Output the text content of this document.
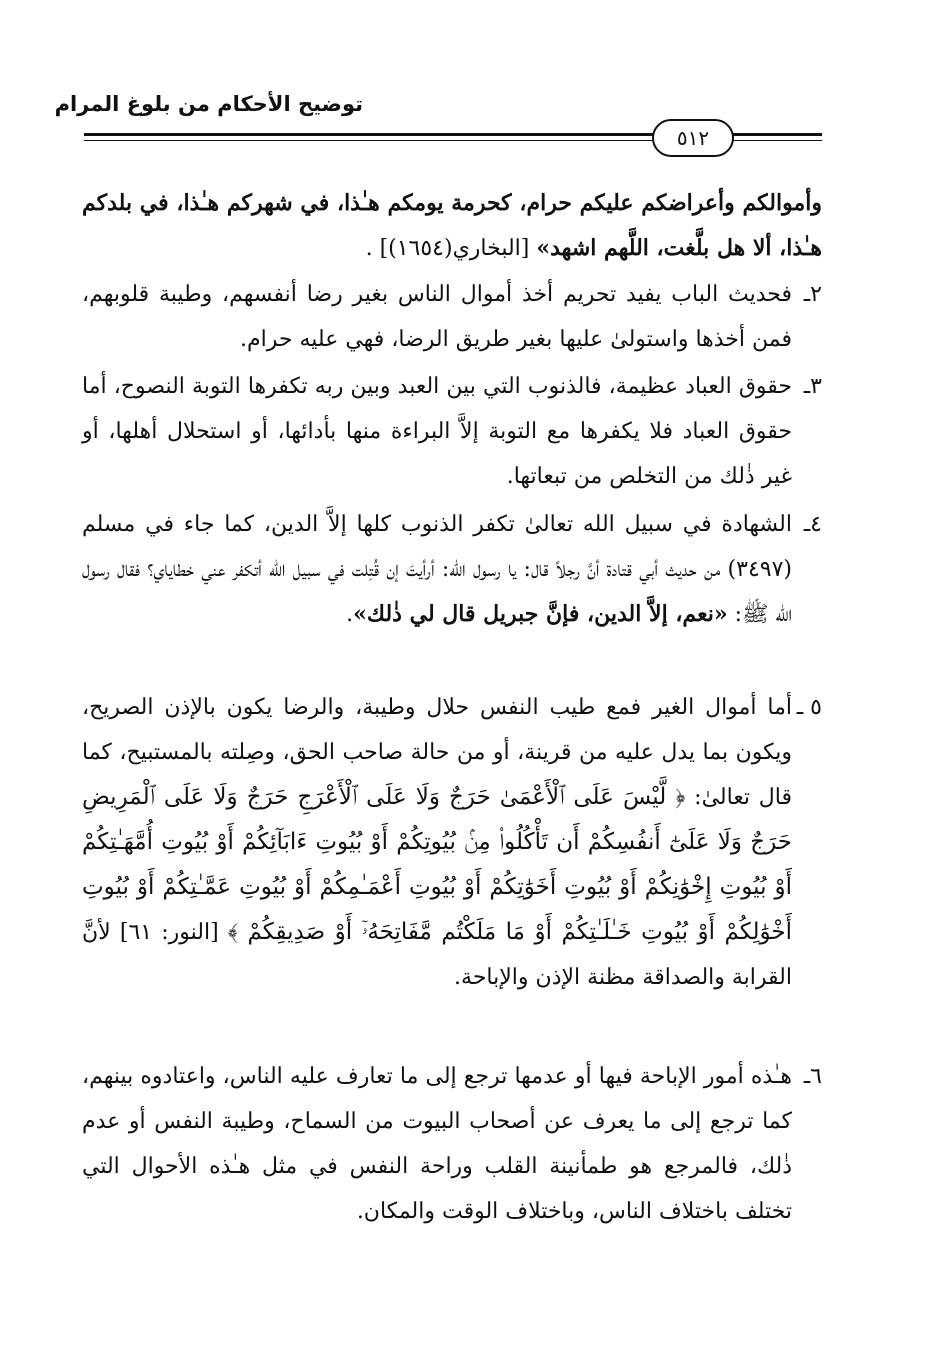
توضيح الأحكام من بلوغ المرام
٥١٢

وأموالكم وأعراضكم عليكم حرام، كحرمة يومكم هـٰذا، في شهركم هـٰذا، في بلدكم هـٰذا، ألا هل بلَّغت، اللَّهم اشهد» [البخاري(١٦٥٤)] .

٢ـ
فحديث الباب يفيد تحريم أخذ أموال الناس بغير رضا أنفسهم، وطيبة قلوبهم، فمن أخذها واستولىٰ عليها بغير طريق الرضا، فهي عليه حرام.
٣ـ
حقوق العباد عظيمة، فالذنوب التي بين العبد وبين ربه تكفرها التوبة النصوح، أما حقوق العباد فلا يكفرها مع التوبة إلاَّ البراءة منها بأدائها، أو استحلال أهلها، أو غير ذٰلك من التخلص من تبعاتها.
٤ـ
الشهادة في سبيل الله تعالىٰ تكفر الذنوب كلها إلاَّ الدين، كما جاء في مسلم (٣٤٩٧) من حديث أبي قتادة أنَّ رجلاً قال: يا رسول الله: أرأيتَ إن قُتِلت في سبيل الله أتكفر عني خطاياي؟ فقال رسول الله ﷺ: «نعم، إلاَّ الدين، فإنَّ جبريل قال لي ذٰلك».
٥ ـ
أما أموال الغير فمع طيب النفس حلال وطيبة، والرضا يكون بالإذن الصريح، ويكون بما يدل عليه من قرينة، أو من حالة صاحب الحق، وصِلته بالمستبيح، كما قال تعالىٰ: ﴿ لَّيْسَ عَلَى ٱلْأَعْمَىٰ حَرَجٌ وَلَا عَلَى ٱلْأَعْرَجِ حَرَجٌ وَلَا عَلَى ٱلْمَرِيضِ حَرَجٌ وَلَا عَلَىٰٓ أَنفُسِكُمْ أَن تَأْكُلُوا۟ مِنۢ بُيُوتِكُمْ أَوْ بُيُوتِ ءَابَآئِكُمْ أَوْ بُيُوتِ أُمَّهَـٰتِكُمْ أَوْ بُيُوتِ إِخْوَٰنِكُمْ أَوْ بُيُوتِ أَخَوَٰتِكُمْ أَوْ بُيُوتِ أَعْمَـٰمِكُمْ أَوْ بُيُوتِ عَمَّـٰتِكُمْ أَوْ بُيُوتِ أَخْوَٰلِكُمْ أَوْ بُيُوتِ خَـٰلَـٰتِكُمْ أَوْ مَا مَلَكْتُم مَّفَاتِحَهُۥٓ أَوْ صَدِيقِكُمْ ﴾ [النور: ٦١] لأنَّ القرابة والصداقة مظنة الإذن والإباحة.
٦ـ
هـٰذه أمور الإباحة فيها أو عدمها ترجع إلى ما تعارف عليه الناس، واعتادوه بينهم، كما ترجع إلى ما يعرف عن أصحاب البيوت من السماح، وطيبة النفس أو عدم ذٰلك، فالمرجع هو طمأنينة القلب وراحة النفس في مثل هـٰذه الأحوال التي تختلف باختلاف الناس، وباختلاف الوقت والمكان.
